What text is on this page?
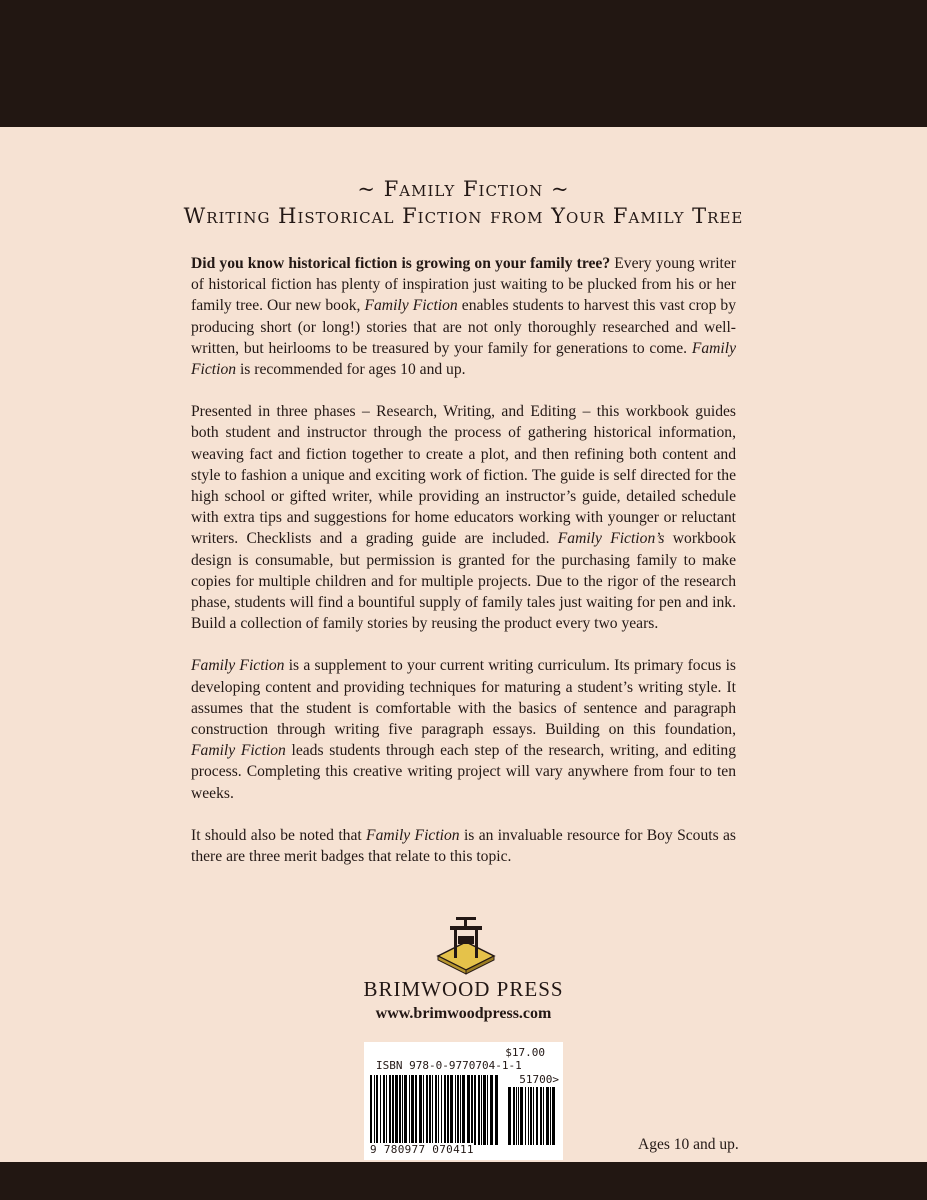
~ Family Fiction ~
Writing Historical Fiction from Your Family Tree

Did you know historical fiction is growing on your family tree? Every young writer of historical fiction has plenty of inspiration just waiting to be plucked from his or her family tree. Our new book, Family Fiction enables students to harvest this vast crop by producing short (or long!) stories that are not only thoroughly researched and well-written, but heirlooms to be treasured by your family for generations to come. Family Fiction is recommended for ages 10 and up.

Presented in three phases – Research, Writing, and Editing – this workbook guides both student and instructor through the process of gathering historical information, weaving fact and fiction together to create a plot, and then refining both content and style to fashion a unique and exciting work of fiction. The guide is self directed for the high school or gifted writer, while providing an instructor’s guide, detailed schedule with extra tips and suggestions for home educators working with younger or reluctant writers. Checklists and a grading guide are included. Family Fiction’s workbook design is consumable, but permission is granted for the purchasing family to make copies for multiple children and for multiple projects. Due to the rigor of the research phase, students will find a bountiful supply of family tales just waiting for pen and ink. Build a collection of family stories by reusing the product every two years.

Family Fiction is a supplement to your current writing curriculum. Its primary focus is developing content and providing techniques for maturing a student’s writing style. It assumes that the student is comfortable with the basics of sentence and paragraph construction through writing five paragraph essays. Building on this foundation, Family Fiction leads students through each step of the research, writing, and editing process. Completing this creative writing project will vary anywhere from four to ten weeks.

It should also be noted that Family Fiction is an invaluable resource for Boy Scouts as there are three merit badges that relate to this topic.

BRIMWOOD PRESS
www.brimwoodpress.com
$17.00
ISBN 978-0-9770704-1-1
51700>
9 780977 070411	Ages 10 and up.
